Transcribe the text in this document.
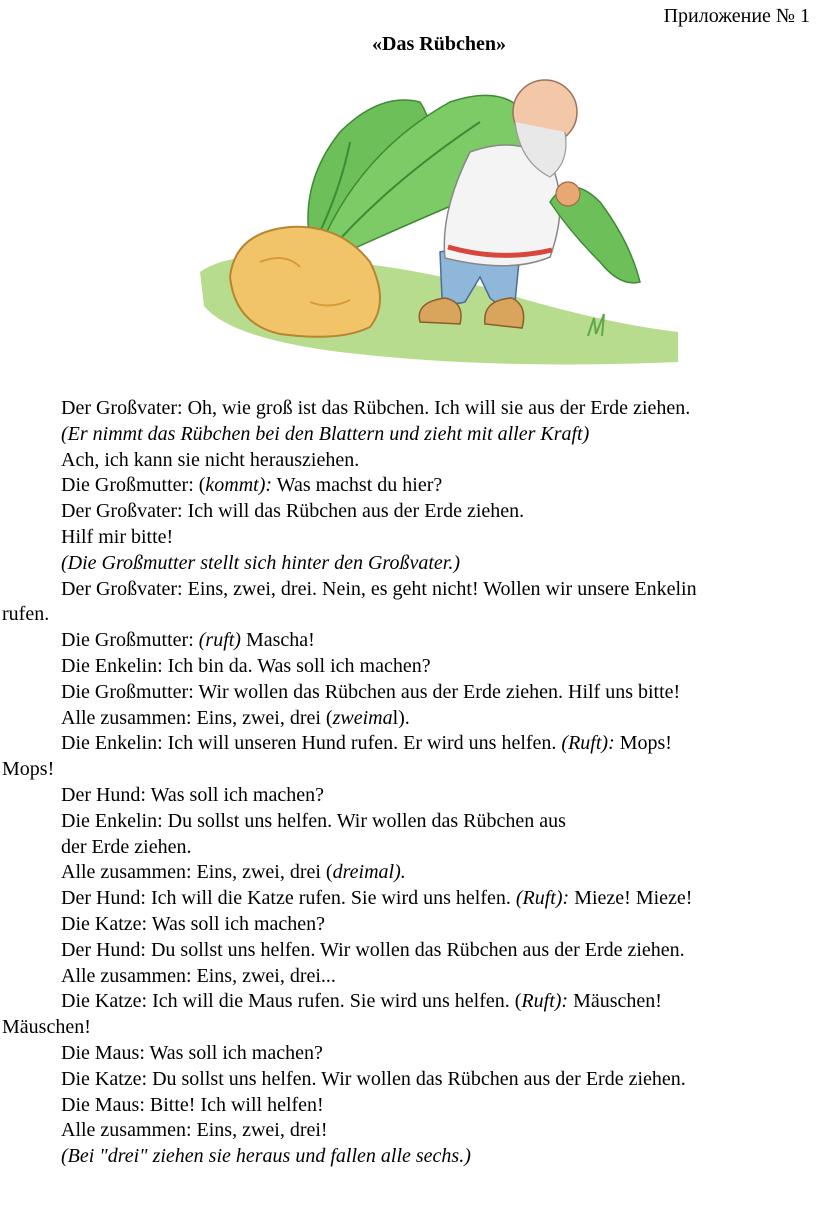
Приложение № 1
«Das Rübchen»
Der Großvater: Oh, wie groß ist das Rübchen. Ich will sie aus der Erde ziehen.
(Er nimmt das Rübchen bei den Blattern und zieht mit aller Kraft)
Ach, ich kann sie nicht herausziehen.
Die Großmutter: (kommt): Was machst du hier?
Der Großvater: Ich will das Rübchen aus der Erde ziehen.
Hilf mir bitte!
(Die Großmutter stellt sich hinter den Großvater.)
Der Großvater: Eins, zwei, drei. Nein, es geht nicht! Wollen wir unsere Enkelin
rufen.
Die Großmutter: (ruft) Mascha!
Die Enkelin: Ich bin da. Was soll ich machen?
Die Großmutter: Wir wollen das Rübchen aus der Erde ziehen. Hilf uns bitte!
Alle zusammen: Eins, zwei, drei (zweimal).
Die Enkelin: Ich will unseren Hund rufen. Er wird uns helfen. (Ruft): Mops!
Mops!
Der Hund: Was soll ich machen?
Die Enkelin: Du sollst uns helfen. Wir wollen das Rübchen aus
der Erde ziehen.
Alle zusammen: Eins, zwei, drei (dreimal).
Der Hund: Ich will die Katze rufen. Sie wird uns helfen. (Ruft): Mieze! Mieze!
Die Katze: Was soll ich machen?
Der Hund: Du sollst uns helfen. Wir wollen das Rübchen aus der Erde ziehen.
Alle zusammen: Eins, zwei, drei...
Die Katze: Ich will die Maus rufen. Sie wird uns helfen. (Ruft): Mäuschen!
Mäuschen!
Die Maus: Was soll ich machen?
Die Katze: Du sollst uns helfen. Wir wollen das Rübchen aus der Erde ziehen.
Die Maus: Bitte! Ich will helfen!
Alle zusammen: Eins, zwei, drei!
(Bei "drei" ziehen sie heraus und fallen alle sechs.)
